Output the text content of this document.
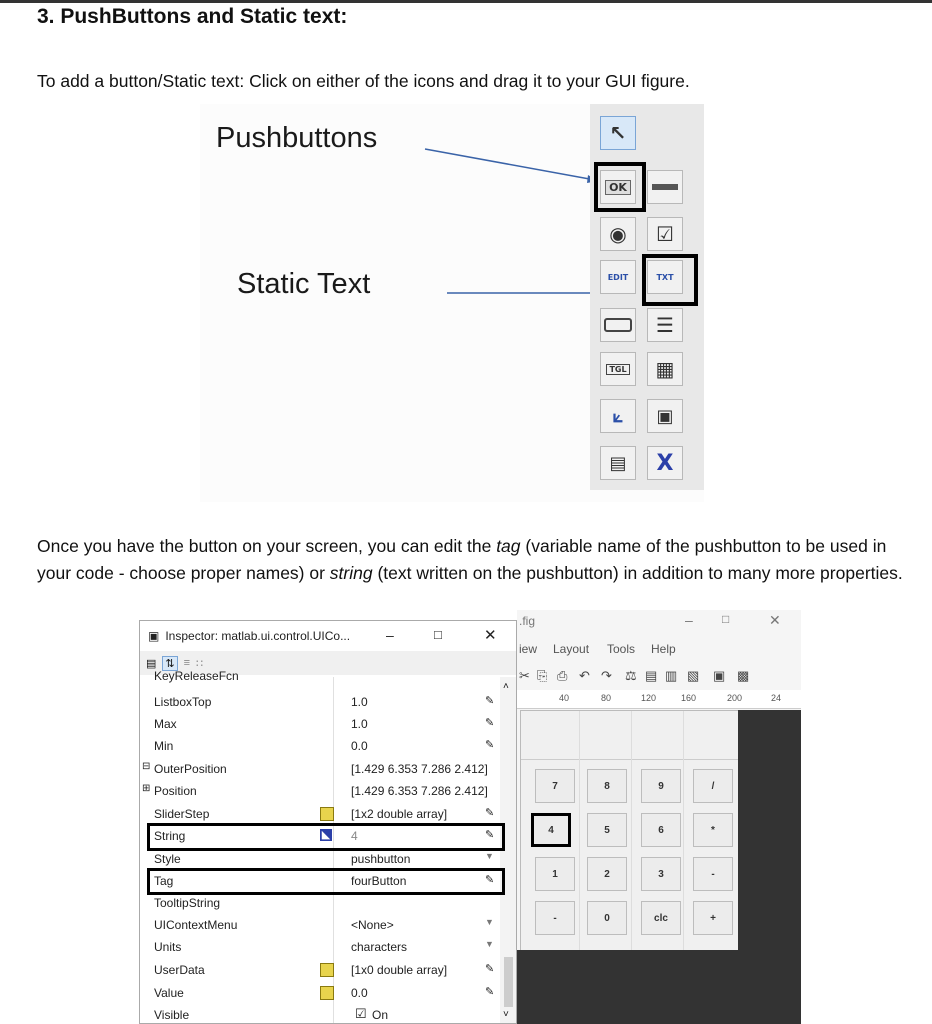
3. PushButtons and Static text:

To add a button/Static text: Click on either of the icons and drag it to your GUI figure.

Pushbuttons
Static Text
↖
OK
◉ ☑
EDIT	TXT
☰
TGL ▦
⟀ ▣
▤ X

Once you have the button on your screen, you can edit the tag (variable name of the pushbutton to be used in your code - choose proper names) or string (text written on the pushbutton) in addition to many more properties.

.fig	– □	✕
iew Layout Tools Help
✂ ⎘ ⎙ ↶ ↷ ⚖ ▤ ▥ ▧ ▣ ▩
40	80	120	160	200	24
7	8	9	/
4	5	6	*
1	2	3	-
-	0	clc	+
▣ Inspector: matlab.ui.control.UICo...	–	□	✕
▤ ⇅ ≡ ∷
˄
˅
KeyReleaseFcn
ListboxTop	1.0	✎
Max	1.0	✎
Min	0.0	✎
⊟ OuterPosition	[1.429 6.353 7.286 2.412]
⊞ Position	[1.429 6.353 7.286 2.412]
SliderStep	[1x2 double array]	✎
String	◣ 4	✎
Style	pushbutton	▼
Tag	fourButton	✎
TooltipString
UIContextMenu	<None>	▼
Units	characters	▼
UserData	[1x0 double array]	✎
Value	0.0	✎
Visible	☑ On
